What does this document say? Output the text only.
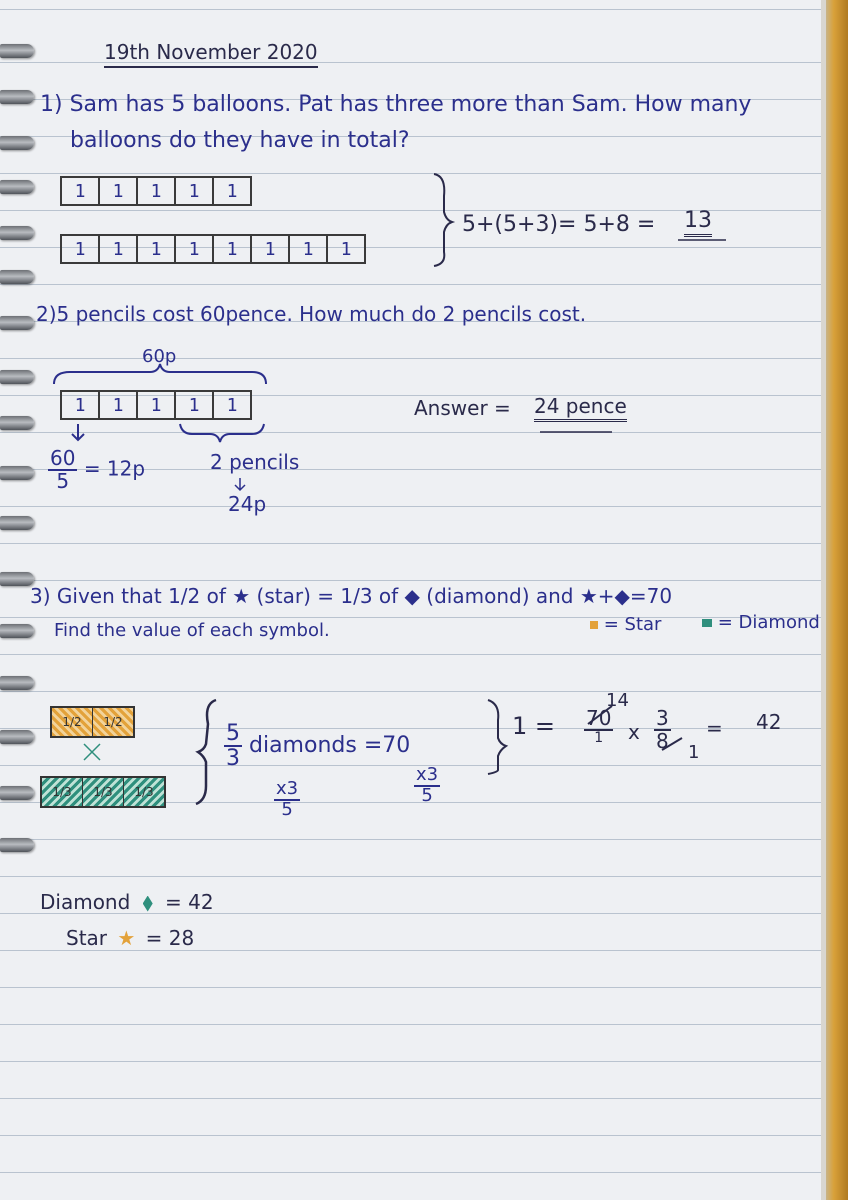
19th November 2020
1) Sam has 5 balloons. Pat has three more than Sam. How many
balloons do they have in total?
1	1	1	1	1
1	1	1	1	1	1	1	1
5+(5+3)= 5+8 = 13
2)5 pencils cost 60pence. How much do 2 pencils cost.
60p
1	1	1	1	1
$\frac{60}{5} = 12p$	2 pencils
24p
Answer = 24 pence
3) Given that 1/2 of ★ (star) = 1/3 of ◆ (diamond) and ★+◆=70
Find the value of each symbol.	= Star	= Diamond
1/2	1/2
1/3	1/3	1/3
$\frac{5}{3}$ diamonds =70
$\frac{x3}{5}$	$\frac{x3}{5}$
1 =
14
$\frac{70}{1}$ x $\frac{3}{8}$
1
= 42
Diamond = 42
Star ★ = 28
